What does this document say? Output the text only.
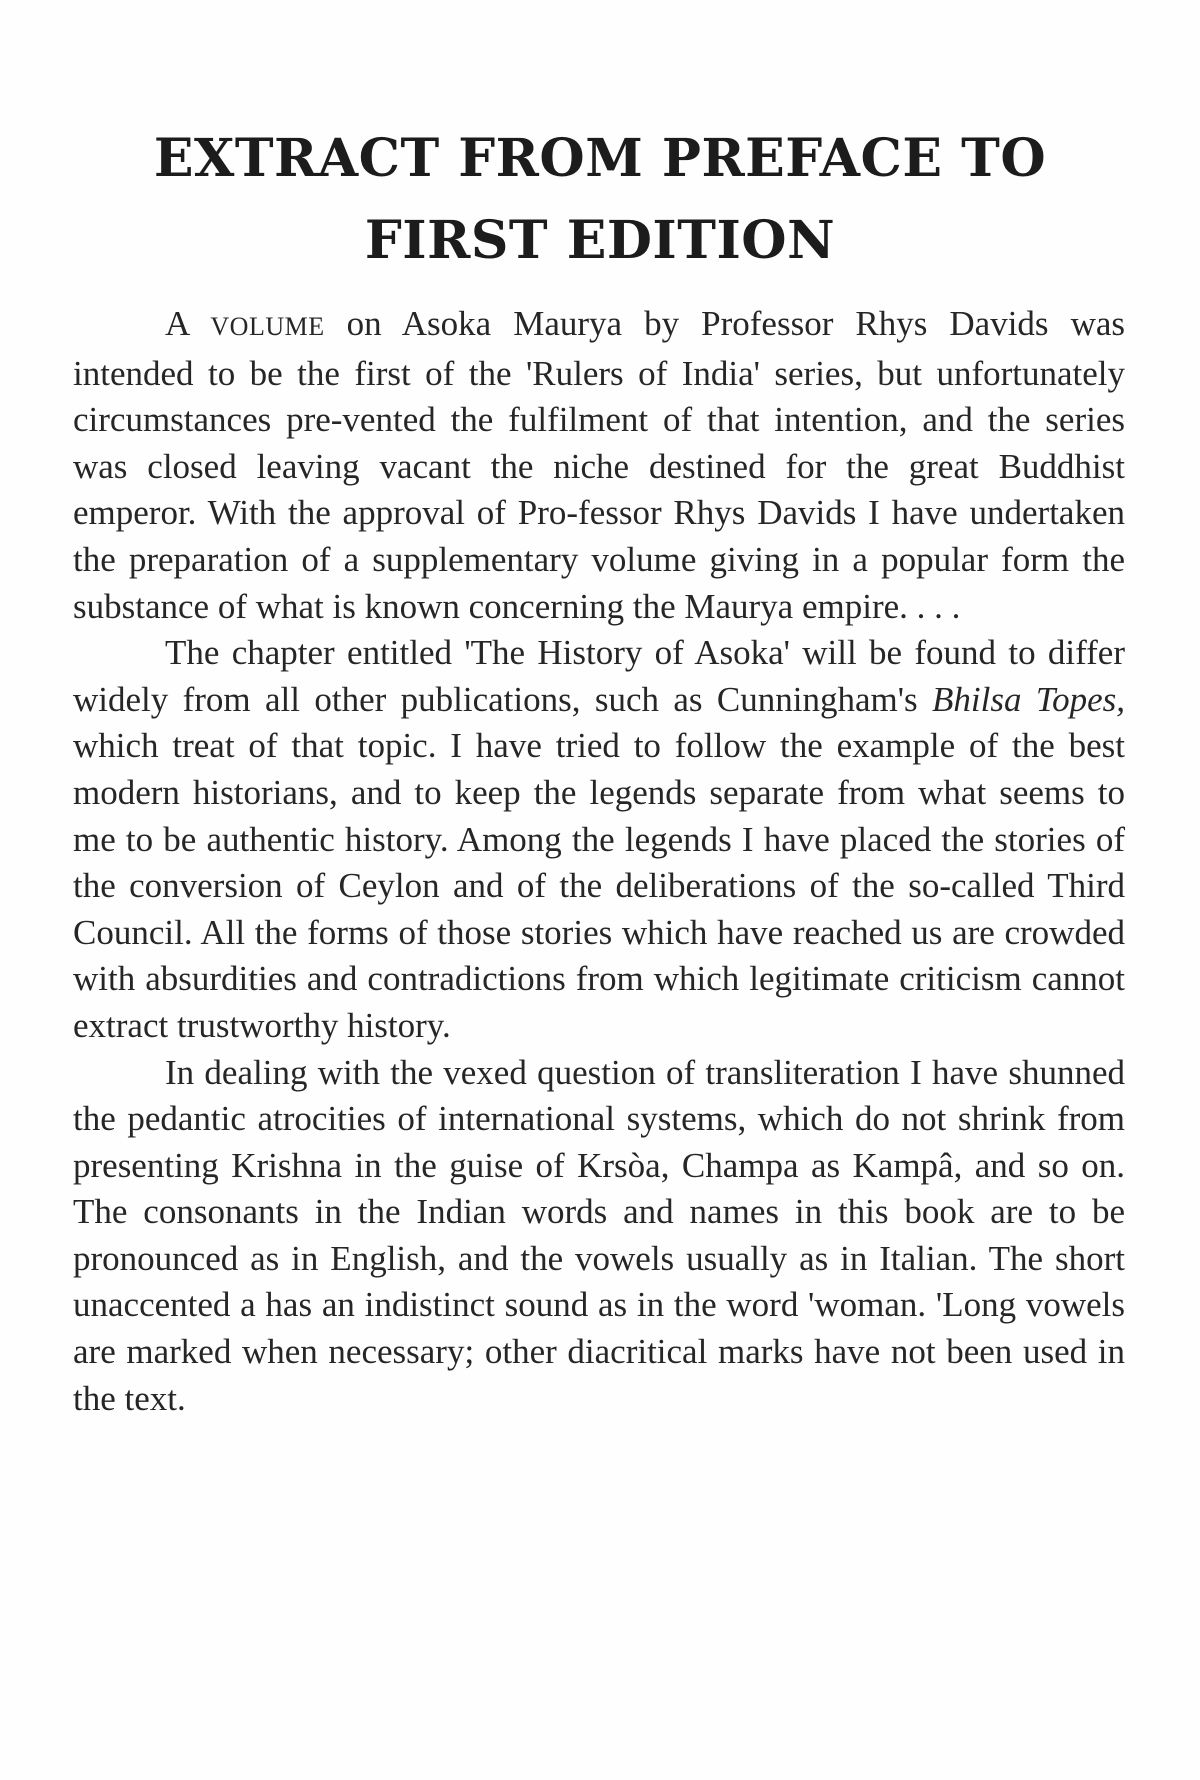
EXTRACT FROM PREFACE TO FIRST EDITION

A VOLUME on Asoka Maurya by Professor Rhys Davids was intended to be the first of the 'Rulers of India' series, but unfortunately circumstances pre-vented the fulfilment of that intention, and the series was closed leaving vacant the niche destined for the great Buddhist emperor. With the approval of Pro-fessor Rhys Davids I have undertaken the preparation of a supplementary volume giving in a popular form the substance of what is known concerning the Maurya empire. . . .

The chapter entitled 'The History of Asoka' will be found to differ widely from all other publications, such as Cunningham's Bhilsa Topes, which treat of that topic. I have tried to follow the example of the best modern historians, and to keep the legends separate from what seems to me to be authentic history. Among the legends I have placed the stories of the conversion of Ceylon and of the deliberations of the so-called Third Council. All the forms of those stories which have reached us are crowded with absurdities and contradictions from which legitimate criticism cannot extract trustworthy history.

In dealing with the vexed question of transliteration I have shunned the pedantic atrocities of international systems, which do not shrink from presenting Krishna in the guise of Krsòa, Champa as Kampâ, and so on. The consonants in the Indian words and names in this book are to be pronounced as in English, and the vowels usually as in Italian. The short unaccented a has an indistinct sound as in the word 'woman. 'Long vowels are marked when necessary; other diacritical marks have not been used in the text.
